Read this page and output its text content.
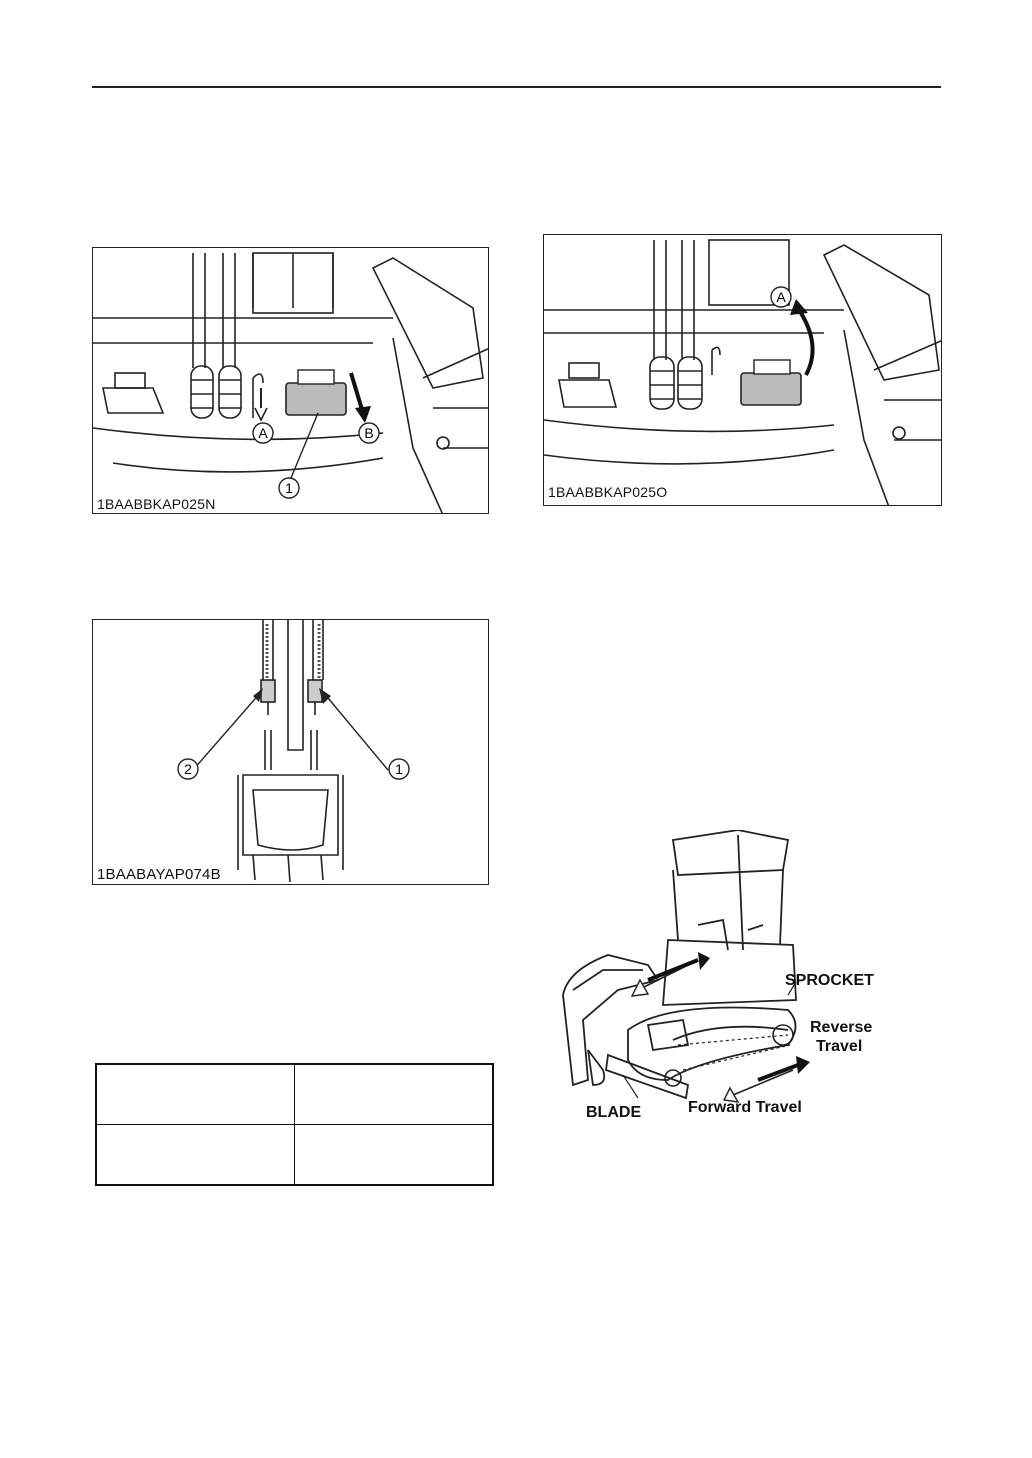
A	B
1
1BAABBKAP025N
A
1BAABBKAP025O
2	1
1BAABAYAP074B

SPROCKET
Reverse
Travel
BLADE	Forward Travel
